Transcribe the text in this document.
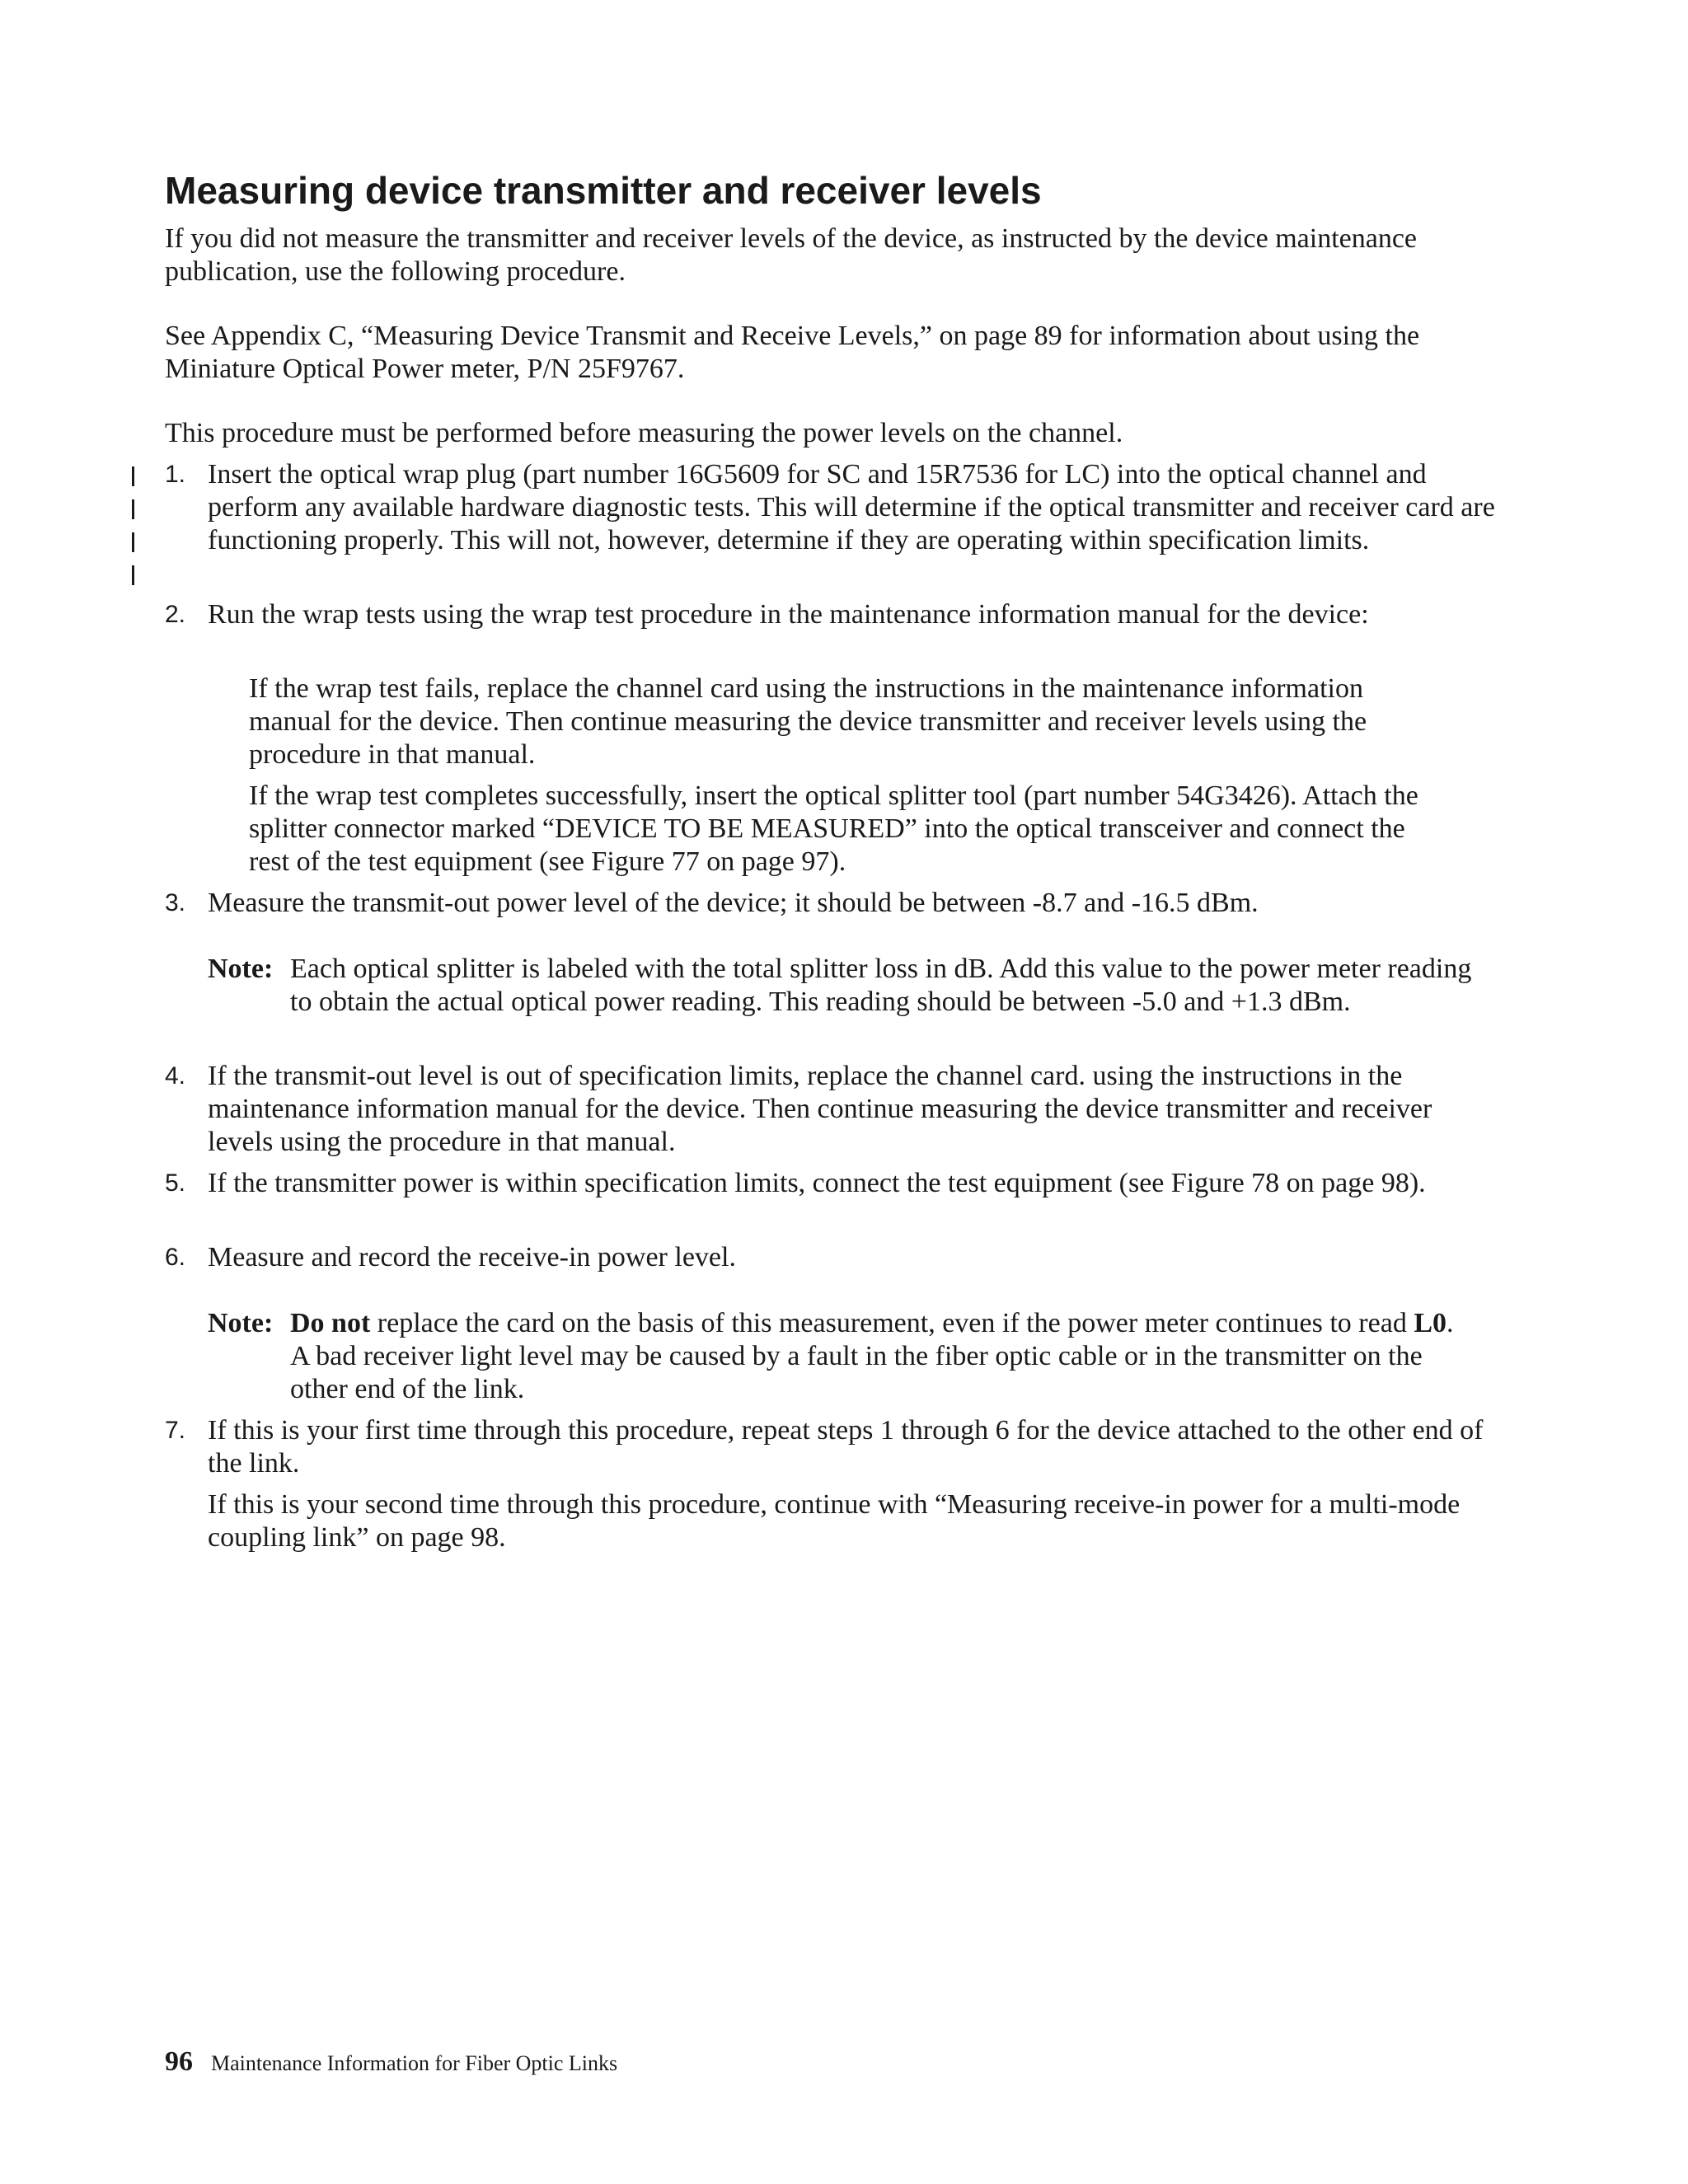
Measuring device transmitter and receiver levels

If you did not measure the transmitter and receiver levels of the device, as instructed by the device maintenance publication, use the following procedure.

See Appendix C, “Measuring Device Transmit and Receive Levels,” on page 89 for information about using the Miniature Optical Power meter, P/N 25F9767.

This procedure must be performed before measuring the power levels on the channel.

1. Insert the optical wrap plug (part number 16G5609 for SC and 15R7536 for LC) into the optical channel and perform any available hardware diagnostic tests. This will determine if the optical transmitter and receiver card are functioning properly. This will not, however, determine if they are operating within specification limits.
2. Run the wrap tests using the wrap test procedure in the maintenance information manual for the device:

If the wrap test fails, replace the channel card using the instructions in the maintenance information manual for the device. Then continue measuring the device transmitter and receiver levels using the procedure in that manual.

If the wrap test completes successfully, insert the optical splitter tool (part number 54G3426). Attach the splitter connector marked “DEVICE TO BE MEASURED” into the optical transceiver and connect the rest of the test equipment (see Figure 77 on page 97).

3. Measure the transmit-out power level of the device; it should be between -8.7 and -16.5 dBm.
Note: Each optical splitter is labeled with the total splitter loss in dB. Add this value to the power meter reading to obtain the actual optical power reading. This reading should be between -5.0 and +1.3 dBm.
4. If the transmit-out level is out of specification limits, replace the channel card. using the instructions in the maintenance information manual for the device. Then continue measuring the device transmitter and receiver levels using the procedure in that manual.
5. If the transmitter power is within specification limits, connect the test equipment (see Figure 78 on page 98).
6. Measure and record the receive-in power level.
Note: Do not replace the card on the basis of this measurement, even if the power meter continues to read L0. A bad receiver light level may be caused by a fault in the fiber optic cable or in the transmitter on the other end of the link.
7. If this is your first time through this procedure, repeat steps 1 through 6 for the device attached to the other end of the link.

If this is your second time through this procedure, continue with “Measuring receive-in power for a multi-mode coupling link” on page 98.

96 Maintenance Information for Fiber Optic Links
